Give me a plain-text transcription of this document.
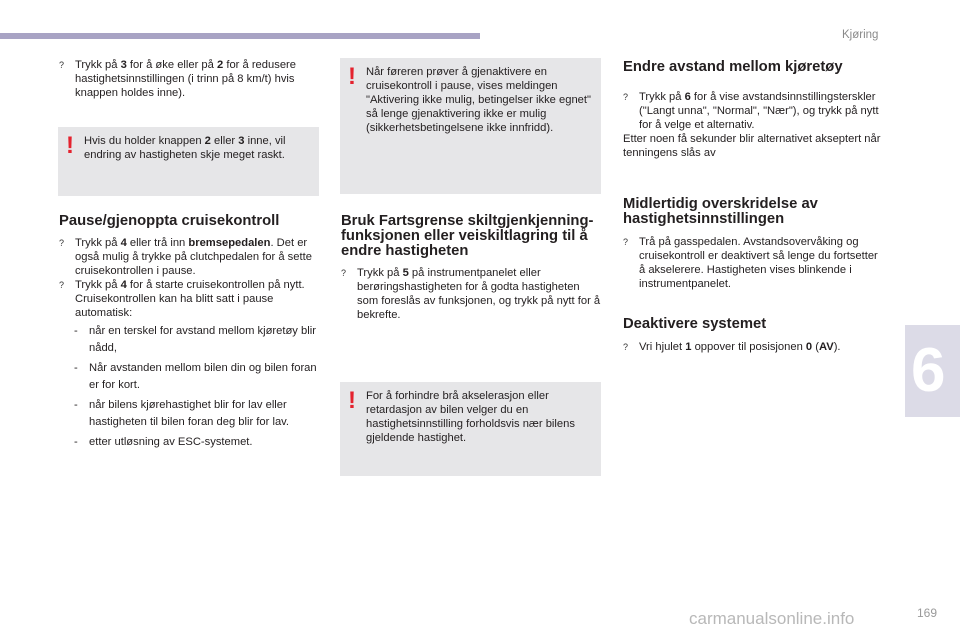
Kjøring
6
? Trykk på 3 for å øke eller på 2 for å redusere hastighetsinnstillingen (i trinn på 8 km/t) hvis knappen holdes inne).
! Hvis du holder knappen 2 eller 3 inne, vil endring av hastigheten skje meget raskt.
Pause/gjenoppta cruisekontroll
? Trykk på 4 eller trå inn bremsepedalen. Det er også mulig å trykke på clutchpedalen for å sette cruisekontrollen i pause.
? Trykk på 4 for å starte cruisekontrollen på nytt. Cruisekontrollen kan ha blitt satt i pause automatisk:
-	når en terskel for avstand mellom kjøretøy blir nådd,
-	Når avstanden mellom bilen din og bilen foran er for kort.
-	når bilens kjørehastighet blir for lav eller hastigheten til bilen foran deg blir for lav.
-	etter utløsning av ESC-systemet.
! Når føreren prøver å gjenaktivere en cruisekontroll i pause, vises meldingen "Aktivering ikke mulig, betingelser ikke egnet" så lenge gjenaktivering ikke er mulig (sikkerhetsbetingelsene ikke innfridd).
Bruk Fartsgrense skiltgjenkjenning-funksjonen eller veiskiltlagring til å endre hastigheten
? Trykk på 5 på instrumentpanelet eller berøringshastigheten for å godta hastigheten som foreslås av funksjonen, og trykk på nytt for å bekrefte.
! For å forhindre brå akselerasjon eller retardasjon av bilen velger du en hastighetsinnstilling forholdsvis nær bilens gjeldende hastighet.
Endre avstand mellom kjøretøy
? Trykk på 6 for å vise avstandsinnstillingsterskler ("Langt unna", "Normal", "Nær"), og trykk på nytt for å velge et alternativ.

Etter noen få sekunder blir alternativet akseptert når tenningens slås av

Midlertidig overskridelse av hastighetsinnstillingen
? Trå på gasspedalen. Avstandsovervåking og cruisekontroll er deaktivert så lenge du fortsetter å akselerere. Hastigheten vises blinkende i instrumentpanelet.
Deaktivere systemet
? Vri hjulet 1 oppover til posisjonen 0 (AV).
carmanualsonline.info	169
